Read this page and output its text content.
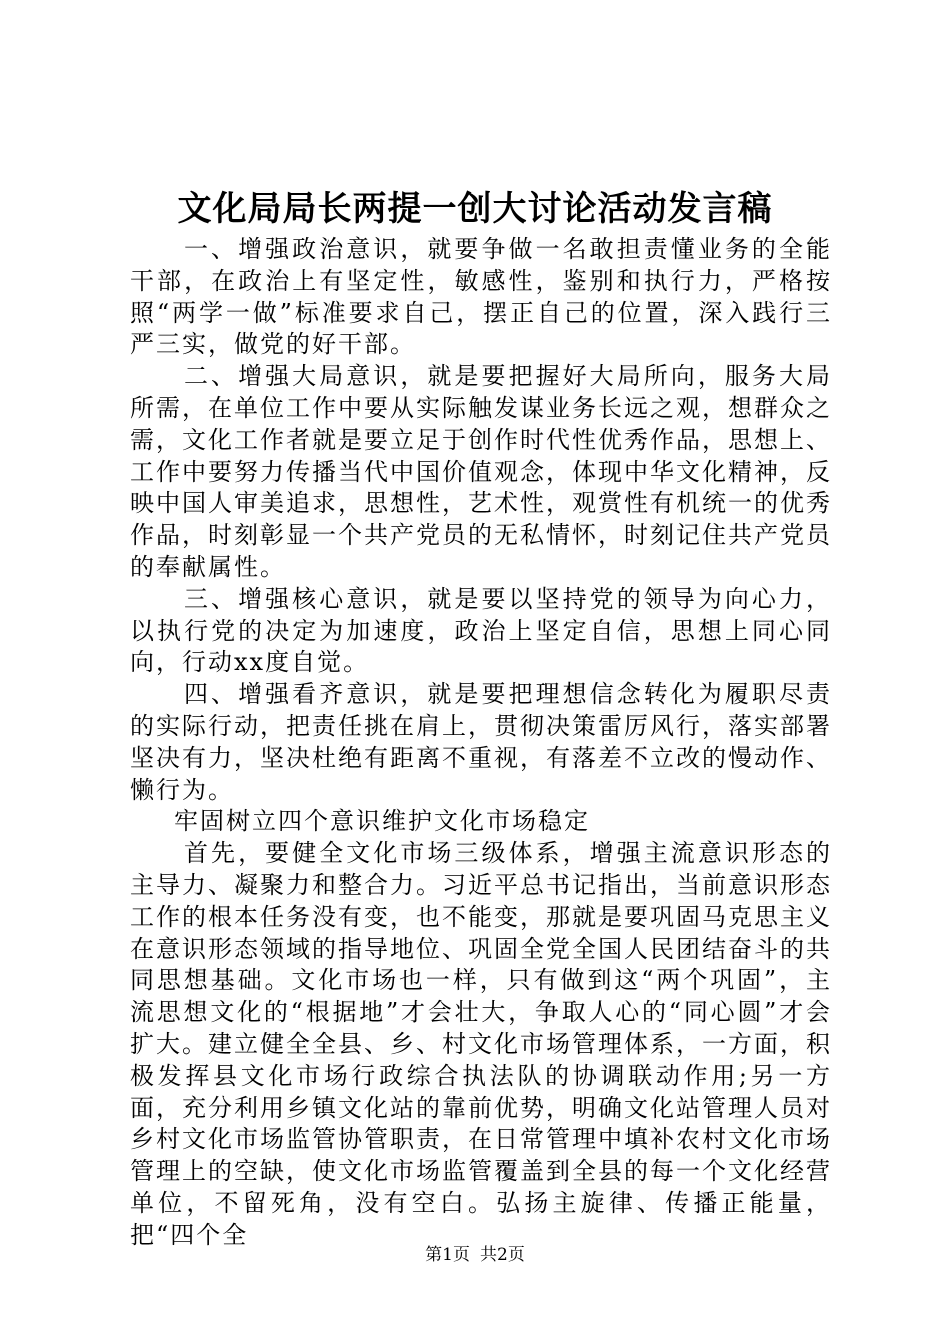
文化局局长两提一创大讨论活动发言稿

一、增强政治意识，就要争做一名敢担责懂业务的全能干部，在政治上有坚定性，敏感性，鉴别和执行力，严格按照“两学一做”标准要求自己，摆正自己的位置，深入践行三严三实，做党的好干部。

二、增强大局意识，就是要把握好大局所向，服务大局所需，在单位工作中要从实际触发谋业务长远之观，想群众之需，文化工作者就是要立足于创作时代性优秀作品，思想上、工作中要努力传播当代中国价值观念，体现中华文化精神，反映中国人审美追求，思想性，艺术性，观赏性有机统一的优秀作品，时刻彰显一个共产党员的无私情怀，时刻记住共产党员的奉献属性。

三、增强核心意识，就是要以坚持党的领导为向心力，以执行党的决定为加速度，政治上坚定自信，思想上同心同向，行动xx度自觉。

四、增强看齐意识，就是要把理想信念转化为履职尽责的实际行动，把责任挑在肩上，贯彻决策雷厉风行，落实部署坚决有力，坚决杜绝有距离不重视，有落差不立改的慢动作、懒行为。

牢固树立四个意识维护文化市场稳定

首先，要健全文化市场三级体系，增强主流意识形态的主导力、凝聚力和整合力。习近平总书记指出，当前意识形态工作的根本任务没有变，也不能变，那就是要巩固马克思主义在意识形态领域的指导地位、巩固全党全国人民团结奋斗的共同思想基础。文化市场也一样，只有做到这“两个巩固”，主流思想文化的“根据地”才会壮大，争取人心的“同心圆”才会扩大。建立健全全县、乡、村文化市场管理体系，一方面，积极发挥县文化市场行政综合执法队的协调联动作用;另一方面，充分利用乡镇文化站的靠前优势，明确文化站管理人员对乡村文化市场监管协管职责，在日常管理中填补农村文化市场管理上的空缺，使文化市场监管覆盖到全县的每一个文化经营单位，不留死角，没有空白。弘扬主旋律、传播正能量，把“四个全

第1页 共2页
